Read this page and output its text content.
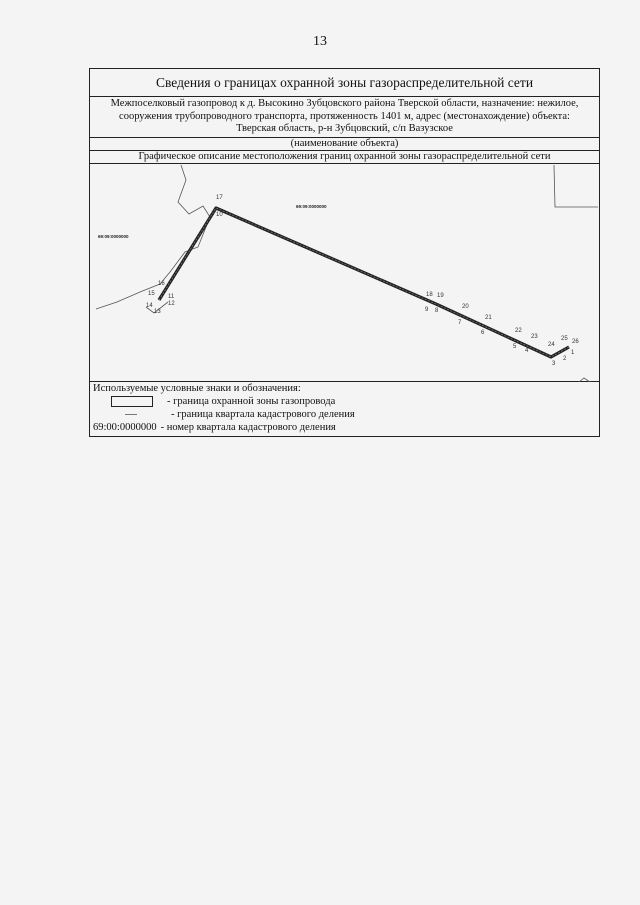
13
Сведения о границах охранной зоны газораспределительной сети
Межпоселковый газопровод к д. Высокино Зубцовского района Тверской области, назначение: нежилое,
сооружения трубопроводного транспорта, протяженность 1401 м, адрес (местонахождение) объекта:
Тверская область, р-н Зубцовский, с/п Вазузское
(наименование объекта)
Графическое описание местоположения границ охранной зоны газораспределительной сети
69:09:0000000
69:09:0000000
1
2
3
4
5
6
7
8
9
10
11
12
13
14
15
16
17
18 19
20
21
22
23
24
25 26
Используемые условные знаки и обозначения:
- граница охранной зоны газопровода
- граница квартала кадастрового деления
69:00:0000000 - номер квартала кадастрового деления
